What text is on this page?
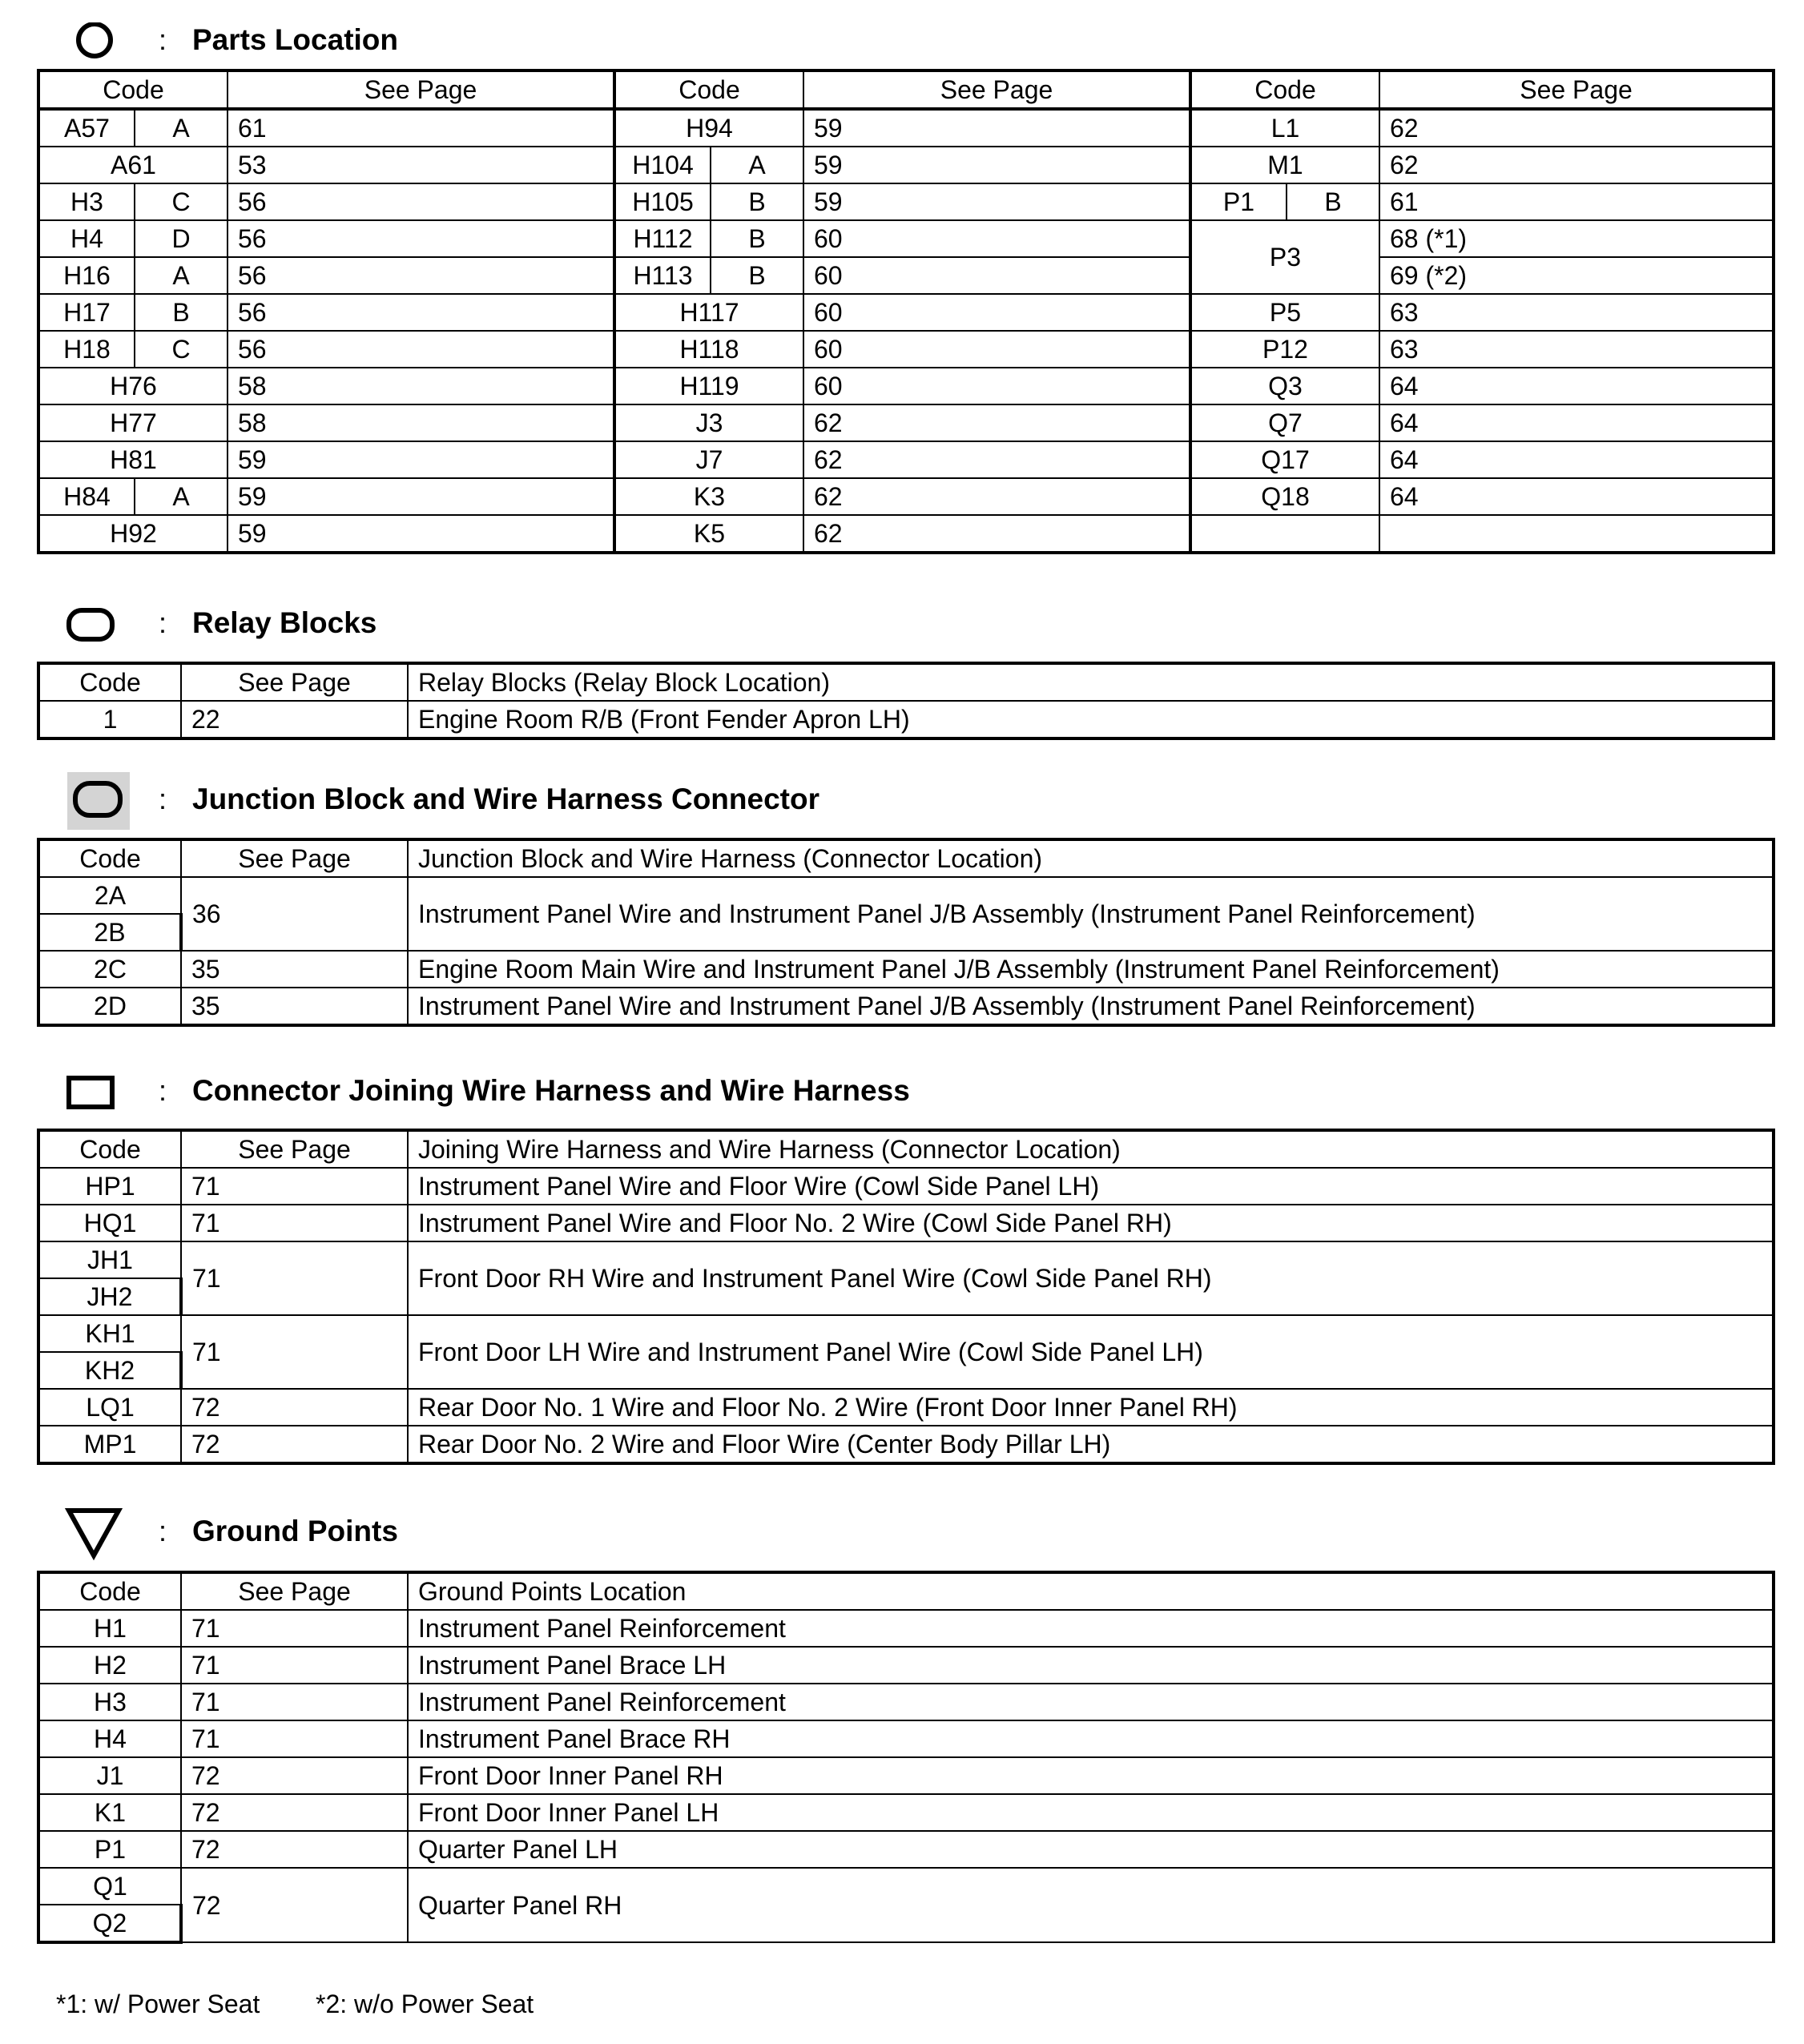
: Parts Location
Code		See Page	Code		See Page	Code		See Page
A57	A	61	H94		59	L1		62
A61		53	H104	A	59	M1		62
H3	C	56	H105	B	59	P1	B	61
H4	D	56	H112	B	60	P3		68 (*1)
H16	A	56	H113	B	60			69 (*2)
H17	B	56	H117		60	P5		63
H18	C	56	H118		60	P12		63
H76		58	H119		60	Q3		64
H77		58	J3		62	Q7		64
H81		59	J7		62	Q17		64
H84	A	59	K3		62	Q18		64
H92		59	K5		62			
: Relay Blocks
Code	See Page	Relay Blocks (Relay Block Location)
1	22	Engine Room R/B (Front Fender Apron LH)
: Junction Block and Wire Harness Connector
Code	See Page	Junction Block and Wire Harness (Connector Location)
2A	36	Instrument Panel Wire and Instrument Panel J/B Assembly (Instrument Panel Reinforcement)
2B		
2C	35	Engine Room Main Wire and Instrument Panel J/B Assembly (Instrument Panel Reinforcement)
2D	35	Instrument Panel Wire and Instrument Panel J/B Assembly (Instrument Panel Reinforcement)
: Connector Joining Wire Harness and Wire Harness
Code	See Page	Joining Wire Harness and Wire Harness (Connector Location)
HP1	71	Instrument Panel Wire and Floor Wire (Cowl Side Panel LH)
HQ1	71	Instrument Panel Wire and Floor No. 2 Wire (Cowl Side Panel RH)
JH1	71	Front Door RH Wire and Instrument Panel Wire (Cowl Side Panel RH)
JH2		
KH1	71	Front Door LH Wire and Instrument Panel Wire (Cowl Side Panel LH)
KH2		
LQ1	72	Rear Door No. 1 Wire and Floor No. 2 Wire (Front Door Inner Panel RH)
MP1	72	Rear Door No. 2 Wire and Floor Wire (Center Body Pillar LH)
: Ground Points
Code	See Page	Ground Points Location
H1	71	Instrument Panel Reinforcement
H2	71	Instrument Panel Brace LH
H3	71	Instrument Panel Reinforcement
H4	71	Instrument Panel Brace RH
J1	72	Front Door Inner Panel RH
K1	72	Front Door Inner Panel LH
P1	72	Quarter Panel LH
Q1	72	Quarter Panel RH
Q2		
*1: w/ Power Seat *2: w/o Power Seat
